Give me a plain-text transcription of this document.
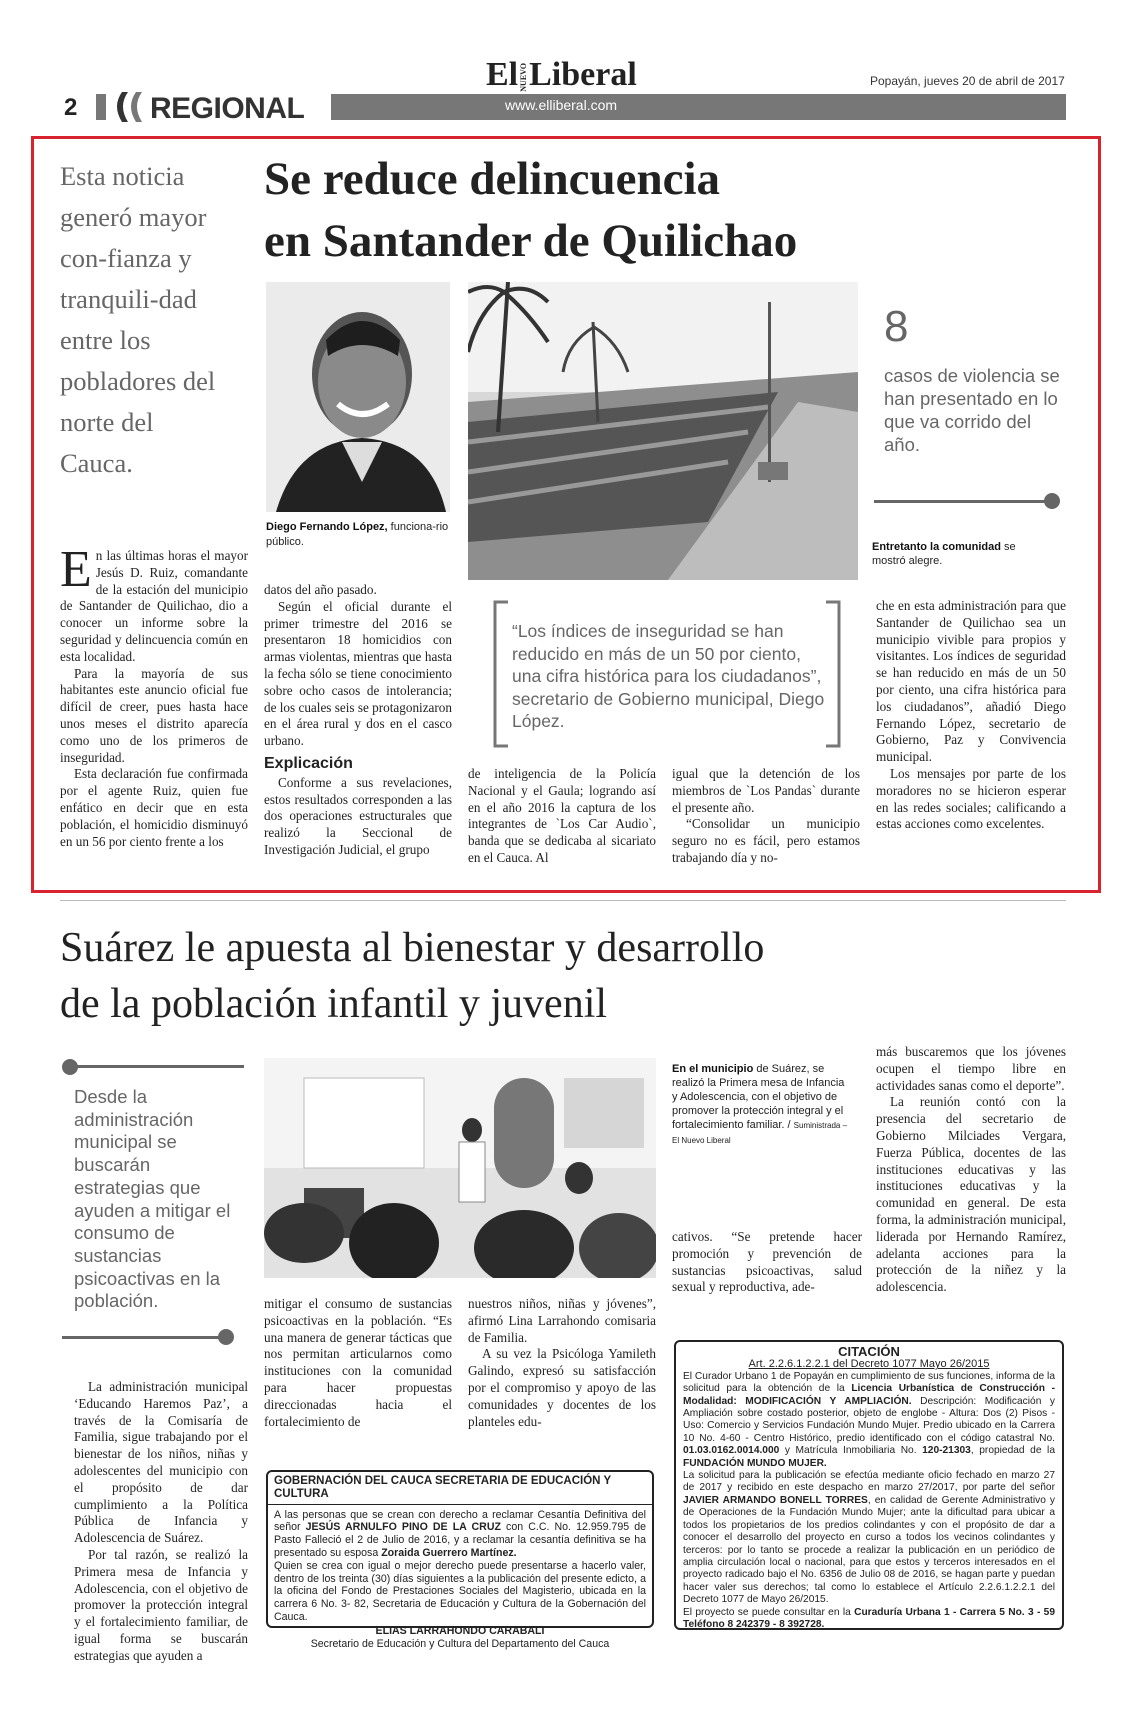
2 REGIONAL	www.elliberal.com
ElNUEVOLiberal	Popayán, jueves 20 de abril de 2017
Esta noticia generó mayor con-fianza y tranquili-dad entre los pobladores del norte del Cauca.
Se reduce delincuencia
en Santander de Quilichao
Diego Fernando López, funciona-rio público.
8
casos de violencia se han presentado en lo que va corrido del año.
Entretanto la comunidad se mostró alegre.
“Los índices de inseguridad se han reducido en más de un 50 por ciento, una cifra histórica para los ciudadanos”, secretario de Gobierno municipal, Diego López.

En las últimas horas el mayor Jesús D. Ruiz, comandante de la estación del municipio de Santander de Quilichao, dio a conocer un informe sobre la seguridad y delincuencia común en esta localidad.

Para la mayoría de sus habitantes este anuncio oficial fue difícil de creer, pues hasta hace unos meses el distrito aparecía como uno de los primeros de inseguridad.

Esta declaración fue confirmada por el agente Ruiz, quien fue enfático en decir que en esta población, el homicidio disminuyó en un 56 por ciento frente a los

datos del año pasado.

Según el oficial durante el primer trimestre del 2016 se presentaron 18 homicidios con armas violentas, mientras que hasta la fecha sólo se tiene conocimiento sobre ocho casos de intolerancia; de los cuales seis se protagonizaron en el área rural y dos en el casco urbano.

Explicación

Conforme a sus revelaciones, estos resultados corresponden a las dos operaciones estructurales que realizó la Seccional de Investigación Judicial, el grupo

de inteligencia de la Policía Nacional y el Gaula; logrando así en el año 2016 la captura de los integrantes de `Los Car Audio`, banda que se dedicaba al sicariato en el Cauca. Al

igual que la detención de los miembros de `Los Pandas` durante el presente año.

“Consolidar un municipio seguro no es fácil, pero estamos trabajando día y no-

che en esta administración para que Santander de Quilichao sea un municipio vivible para propios y visitantes. Los índices de seguridad se han reducido en más de un 50 por ciento, una cifra histórica para los ciudadanos”, añadió Diego Fernando López, secretario de Gobierno, Paz y Convivencia municipal.

Los mensajes por parte de los moradores no se hicieron esperar en las redes sociales; calificando a estas acciones como excelentes.

Suárez le apuesta al bienestar y desarrollo
de la población infantil y juvenil
Desde la administración municipal se buscarán estrategias que ayuden a mitigar el consumo de sustancias psicoactivas en la población.
En el municipio de Suárez, se realizó la Primera mesa de Infancia y Adolescencia, con el objetivo de promover la protección integral y el fortalecimiento familiar. / Suministrada – El Nuevo Liberal

La administración municipal ‘Educando Haremos Paz’, a través de la Comisaría de Familia, sigue trabajando por el bienestar de los niños, niñas y adolescentes del municipio con el propósito de dar cumplimiento a la Política Pública de Infancia y Adolescencia de Suárez.

Por tal razón, se realizó la Primera mesa de Infancia y Adolescencia, con el objetivo de promover la protección integral y el fortalecimiento familiar, de igual forma se buscarán estrategias que ayuden a

mitigar el consumo de sustancias psicoactivas en la población. “Es una manera de generar tácticas que nos permitan articularnos como instituciones con la comunidad para hacer propuestas direccionadas hacia el fortalecimiento de

nuestros niños, niñas y jóvenes”, afirmó Lina Larrahondo comisaria de Familia.

A su vez la Psicóloga Yamileth Galindo, expresó su satisfacción por el compromiso y apoyo de las comunidades y docentes de los planteles edu-

cativos. “Se pretende hacer promoción y prevención de sustancias psicoactivas, salud sexual y reproductiva, ade-

más buscaremos que los jóvenes ocupen el tiempo libre en actividades sanas como el deporte”.

La reunión contó con la presencia del secretario de Gobierno Milciades Vergara, Fuerza Pública, docentes de las instituciones educativas y las instituciones educativas y la comunidad en general. De esta forma, la administración municipal, liderada por Hernando Ramírez, adelanta acciones para la protección de la niñez y la adolescencia.

GOBERNACIÓN DEL CAUCA SECRETARIA DE EDUCACIÓN Y CULTURA
A las personas que se crean con derecho a reclamar Cesantía Definitiva del señor JESÚS ARNULFO PINO DE LA CRUZ con C.C. No. 12.959.795 de Pasto Falleció el 2 de Julio de 2016, y a reclamar la cesantía definitiva se ha presentado su esposa Zoraida Guerrero Martínez.
Quien se crea con igual o mejor derecho puede presentarse a hacerlo valer, dentro de los treinta (30) días siguientes a la publicación del presente edicto, a la oficina del Fondo de Prestaciones Sociales del Magisterio, ubicada en la carrera 6 No. 3- 82, Secretaria de Educación y Cultura de la Gobernación del Cauca.
ELIAS LARRAHONDO CARABALI
Secretario de Educación y Cultura del Departamento del Cauca
CITACIÓN
Art. 2.2.6.1.2.2.1 del Decreto 1077 Mayo 26/2015
El Curador Urbano 1 de Popayán en cumplimiento de sus funciones, informa de la solicitud para la obtención de la Licencia Urbanística de Construcción - Modalidad: MODIFICACIÓN Y AMPLIACIÓN. Descripción: Modificación y Ampliación sobre costado posterior, objeto de englobe - Altura: Dos (2) Pisos - Uso: Comercio y Servicios Fundación Mundo Mujer. Predio ubicado en la Carrera 10 No. 4-60 - Centro Histórico, predio identificado con el código catastral No. 01.03.0162.0014.000 y Matrícula Inmobiliaria No. 120-21303, propiedad de la FUNDACIÓN MUNDO MUJER.
La solicitud para la publicación se efectúa mediante oficio fechado en marzo 27 de 2017 y recibido en este despacho en marzo 27/2017, por parte del señor JAVIER ARMANDO BONELL TORRES, en calidad de Gerente Administrativo y de Operaciones de la Fundación Mundo Mujer; ante la dificultad para ubicar a todos los propietarios de los predios colindantes y con el propósito de dar a conocer el desarrollo del proyecto en curso a todos los vecinos colindantes y terceros: por lo tanto se procede a realizar la publicación en un periódico de amplia circulación local o nacional, para que estos y terceros interesados en el proyecto radicado bajo el No. 6356 de Julio 08 de 2016, se hagan parte y puedan hacer valer sus derechos; tal como lo establece el Artículo 2.2.6.1.2.2.1 del Decreto 1077 de Mayo 26/2015.
El proyecto se puede consultar en la Curaduría Urbana 1 - Carrera 5 No. 3 - 59 Teléfono 8 242379 - 8 392728.
